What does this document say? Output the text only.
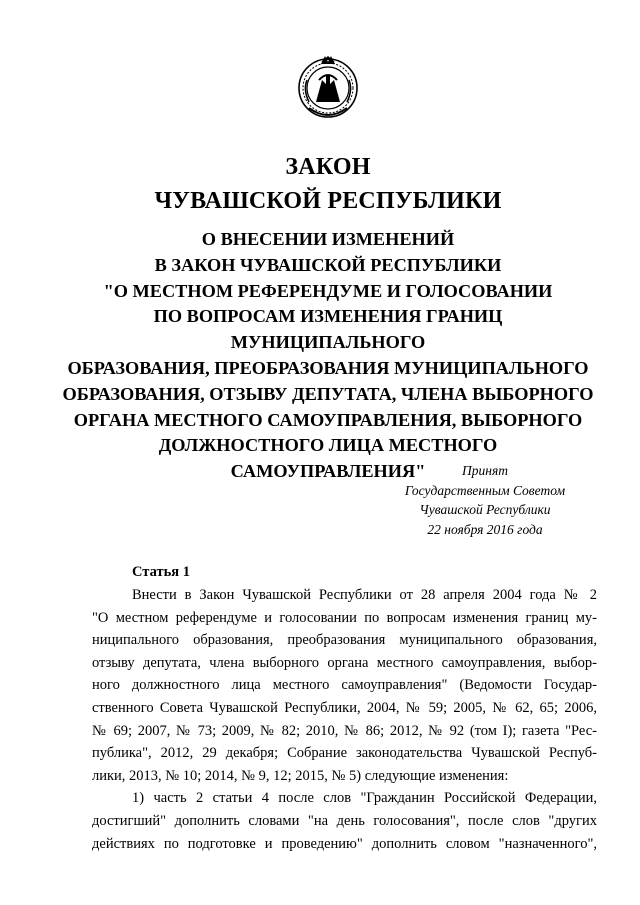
ЗАКОН
ЧУВАШСКОЙ РЕСПУБЛИКИ
О ВНЕСЕНИИ ИЗМЕНЕНИЙ
В ЗАКОН ЧУВАШСКОЙ РЕСПУБЛИКИ
"О МЕСТНОМ РЕФЕРЕНДУМЕ И ГОЛОСОВАНИИ
ПО ВОПРОСАМ ИЗМЕНЕНИЯ ГРАНИЦ МУНИЦИПАЛЬНОГО
ОБРАЗОВАНИЯ, ПРЕОБРАЗОВАНИЯ МУНИЦИПАЛЬНОГО
ОБРАЗОВАНИЯ, ОТЗЫВУ ДЕПУТАТА, ЧЛЕНА ВЫБОРНОГО
ОРГАНА МЕСТНОГО САМОУПРАВЛЕНИЯ, ВЫБОРНОГО
ДОЛЖНОСТНОГО ЛИЦА МЕСТНОГО САМОУПРАВЛЕНИЯ"	Принят
Государственным Советом
Чувашской Республики
22 ноября 2016 года
Статья 1
Внести в Закон Чувашской Республики от 28 апреля 2004 года № 2
"О местном референдуме и голосовании по вопросам изменения границ му-
ниципального образования, преобразования муниципального образования,
отзыву депутата, члена выборного органа местного самоуправления, выбор-
ного должностного лица местного самоуправления" (Ведомости Государ-
ственного Совета Чувашской Республики, 2004, № 59; 2005, № 62, 65; 2006,
№ 69; 2007, № 73; 2009, № 82; 2010, № 86; 2012, № 92 (том I); газета "Рес-
публика", 2012, 29 декабря; Собрание законодательства Чувашской Респуб-
лики, 2013, № 10; 2014, № 9, 12; 2015, № 5) следующие изменения:
1) часть 2 статьи 4 после слов "Гражданин Российской Федерации,
достигший" дополнить словами "на день голосования", после слов "других
действиях по подготовке и проведению" дополнить словом "назначенного",
